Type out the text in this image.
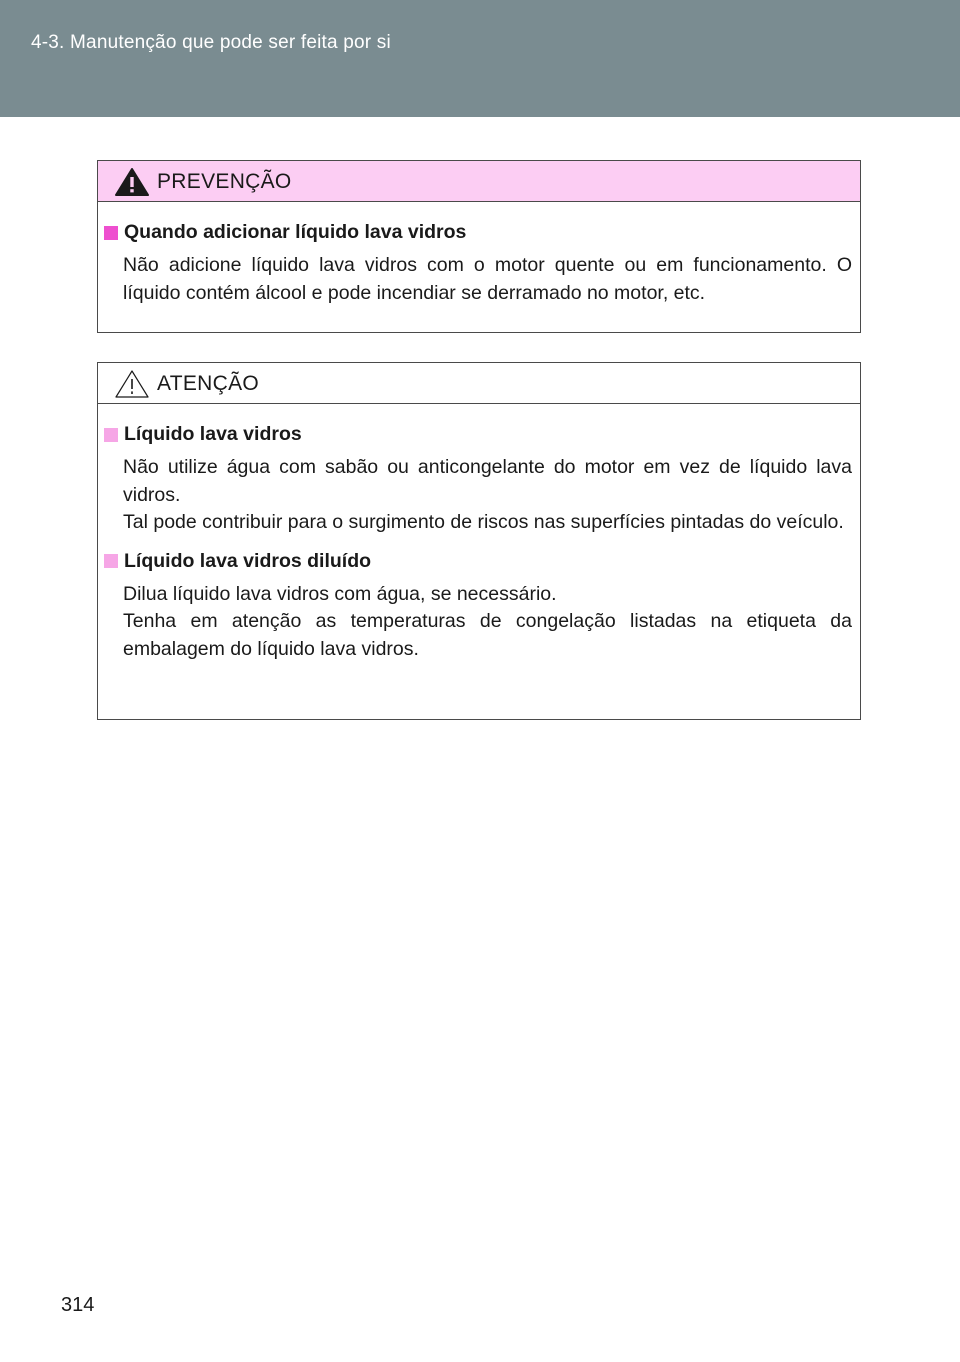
4-3. Manutenção que pode ser feita por si
PREVENÇÃO
Quando adicionar líquido lava vidros

Não adicione líquido lava vidros com o motor quente ou em funcionamento. O líquido contém álcool e pode incendiar se derramado no motor, etc.

ATENÇÃO
Líquido lava vidros

Não utilize água com sabão ou anticongelante do motor em vez de líquido lava vidros.

Tal pode contribuir para o surgimento de riscos nas superfícies pintadas do veículo.

Líquido lava vidros diluído

Dilua líquido lava vidros com água, se necessário.

Tenha em atenção as temperaturas de congelação listadas na etiqueta da embalagem do líquido lava vidros.

314
